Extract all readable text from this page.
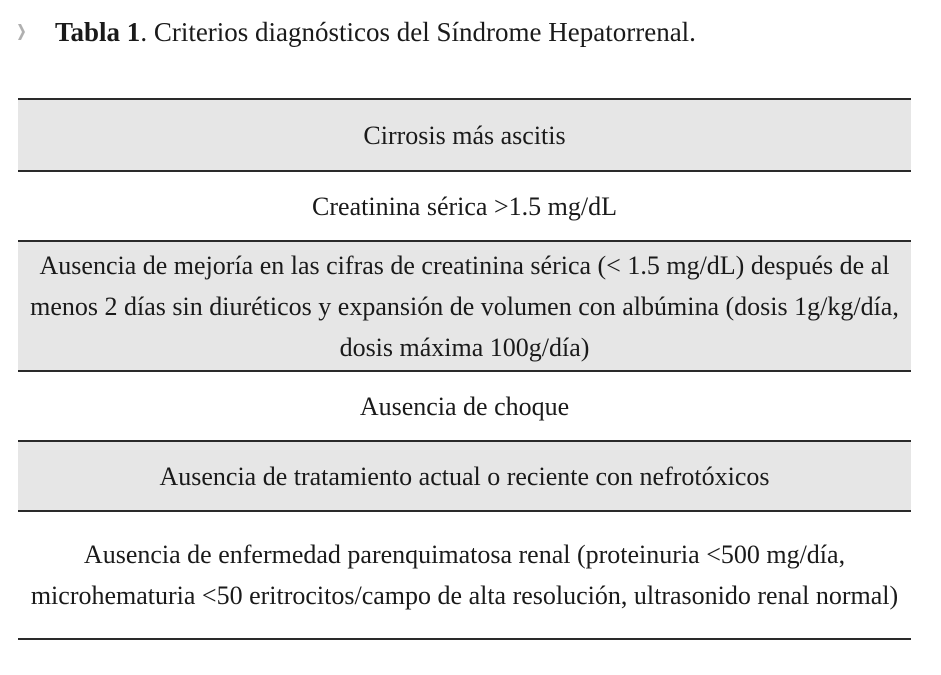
Tabla 1 . Criterios diagnósticos del Síndrome Hepatorrenal.
Cirrosis más ascitis
Creatinina sérica >1.5 mg/dL
Ausencia de mejoría en las cifras de creatinina sérica (< 1.5 mg/dL) después de al menos 2 días sin diuréticos y expansión de volumen con albúmina (dosis 1g/kg/día, dosis máxima 100g/día)
Ausencia de choque
Ausencia de tratamiento actual o reciente con nefrotóxicos
Ausencia de enfermedad parenquimatosa renal (proteinuria <500 mg/día, microhematuria <50 eritrocitos/campo de alta resolución, ultrasonido renal normal)
